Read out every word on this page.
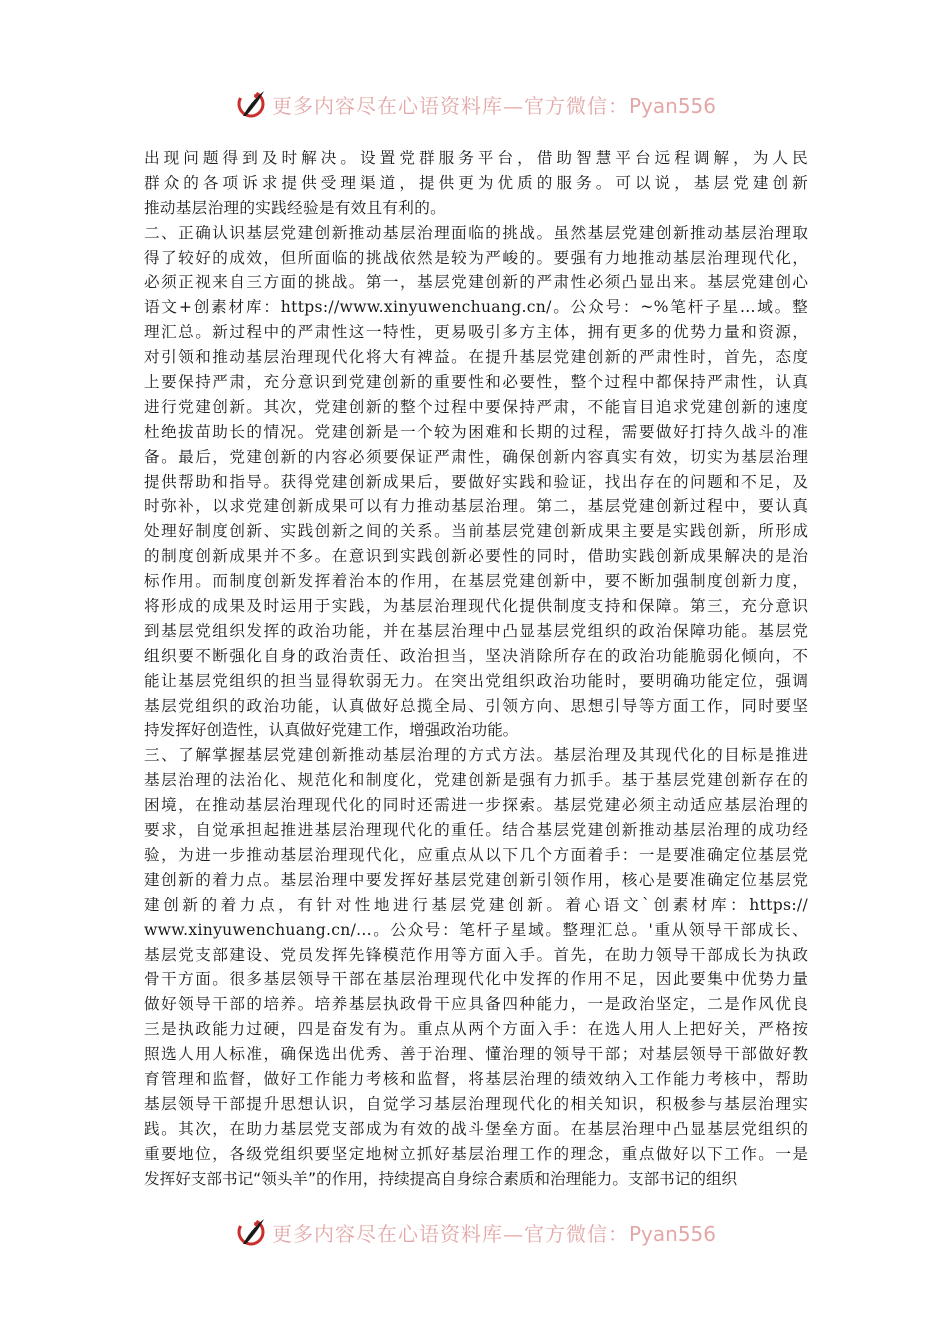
更多内容尽在心语资料库—官方微信：Pyan556
出现问题得到及时解决。设置党群服务平台，借助智慧平台远程调解，为人民
群众的各项诉求提供受理渠道，提供更为优质的服务。可以说，基层党建创新
推动基层治理的实践经验是有效且有利的。
二、正确认识基层党建创新推动基层治理面临的挑战。虽然基层党建创新推动基层治理取
得了较好的成效，但所面临的挑战依然是较为严峻的。要强有力地推动基层治理现代化，
必须正视来自三方面的挑战。第一，基层党建创新的严肃性必须凸显出来。基层党建创心
语文+创素材库：https://www.xinyuwenchuang.cn/。公众号：~%笔杆子星...域。整
理汇总。新过程中的严肃性这一特性，更易吸引多方主体，拥有更多的优势力量和资源，
对引领和推动基层治理现代化将大有裨益。在提升基层党建创新的严肃性时，首先，态度
上要保持严肃，充分意识到党建创新的重要性和必要性，整个过程中都保持严肃性，认真
进行党建创新。其次，党建创新的整个过程中要保持严肃，不能盲目追求党建创新的速度
杜绝拔苗助长的情况。党建创新是一个较为困难和长期的过程，需要做好打持久战斗的准
备。最后，党建创新的内容必须要保证严肃性，确保创新内容真实有效，切实为基层治理
提供帮助和指导。获得党建创新成果后，要做好实践和验证，找出存在的问题和不足，及
时弥补，以求党建创新成果可以有力推动基层治理。第二，基层党建创新过程中，要认真
处理好制度创新、实践创新之间的关系。当前基层党建创新成果主要是实践创新，所形成
的制度创新成果并不多。在意识到实践创新必要性的同时，借助实践创新成果解决的是治
标作用。而制度创新发挥着治本的作用，在基层党建创新中，要不断加强制度创新力度，
将形成的成果及时运用于实践，为基层治理现代化提供制度支持和保障。第三，充分意识
到基层党组织发挥的政治功能，并在基层治理中凸显基层党组织的政治保障功能。基层党
组织要不断强化自身的政治责任、政治担当，坚决消除所存在的政治功能脆弱化倾向，不
能让基层党组织的担当显得软弱无力。在突出党组织政治功能时，要明确功能定位，强调
基层党组织的政治功能，认真做好总揽全局、引领方向、思想引导等方面工作，同时要坚
持发挥好创造性，认真做好党建工作，增强政治功能。
三、了解掌握基层党建创新推动基层治理的方式方法。基层治理及其现代化的目标是推进
基层治理的法治化、规范化和制度化，党建创新是强有力抓手。基于基层党建创新存在的
困境，在推动基层治理现代化的同时还需进一步探索。基层党建必须主动适应基层治理的
要求，自觉承担起推进基层治理现代化的重任。结合基层党建创新推动基层治理的成功经
验，为进一步推动基层治理现代化，应重点从以下几个方面着手：一是要准确定位基层党
建创新的着力点。基层治理中要发挥好基层党建创新引领作用，核心是要准确定位基层党
建创新的着力点，有针对性地进行基层党建创新。着心语文`创素材库：https://
www.xinyuwenchuang.cn/...。公众号：笔杆子星域。整理汇总。'重从领导干部成长、
基层党支部建设、党员发挥先锋模范作用等方面入手。首先，在助力领导干部成长为执政
骨干方面。很多基层领导干部在基层治理现代化中发挥的作用不足，因此要集中优势力量
做好领导干部的培养。培养基层执政骨干应具备四种能力，一是政治坚定，二是作风优良
三是执政能力过硬，四是奋发有为。重点从两个方面入手：在选人用人上把好关，严格按
照选人用人标准，确保选出优秀、善于治理、懂治理的领导干部；对基层领导干部做好教
育管理和监督，做好工作能力考核和监督，将基层治理的绩效纳入工作能力考核中，帮助
基层领导干部提升思想认识，自觉学习基层治理现代化的相关知识，积极参与基层治理实
践。其次，在助力基层党支部成为有效的战斗堡垒方面。在基层治理中凸显基层党组织的
重要地位，各级党组织要坚定地树立抓好基层治理工作的理念，重点做好以下工作。一是
发挥好支部书记“领头羊”的作用，持续提高自身综合素质和治理能力。支部书记的组织
更多内容尽在心语资料库—官方微信：Pyan556
